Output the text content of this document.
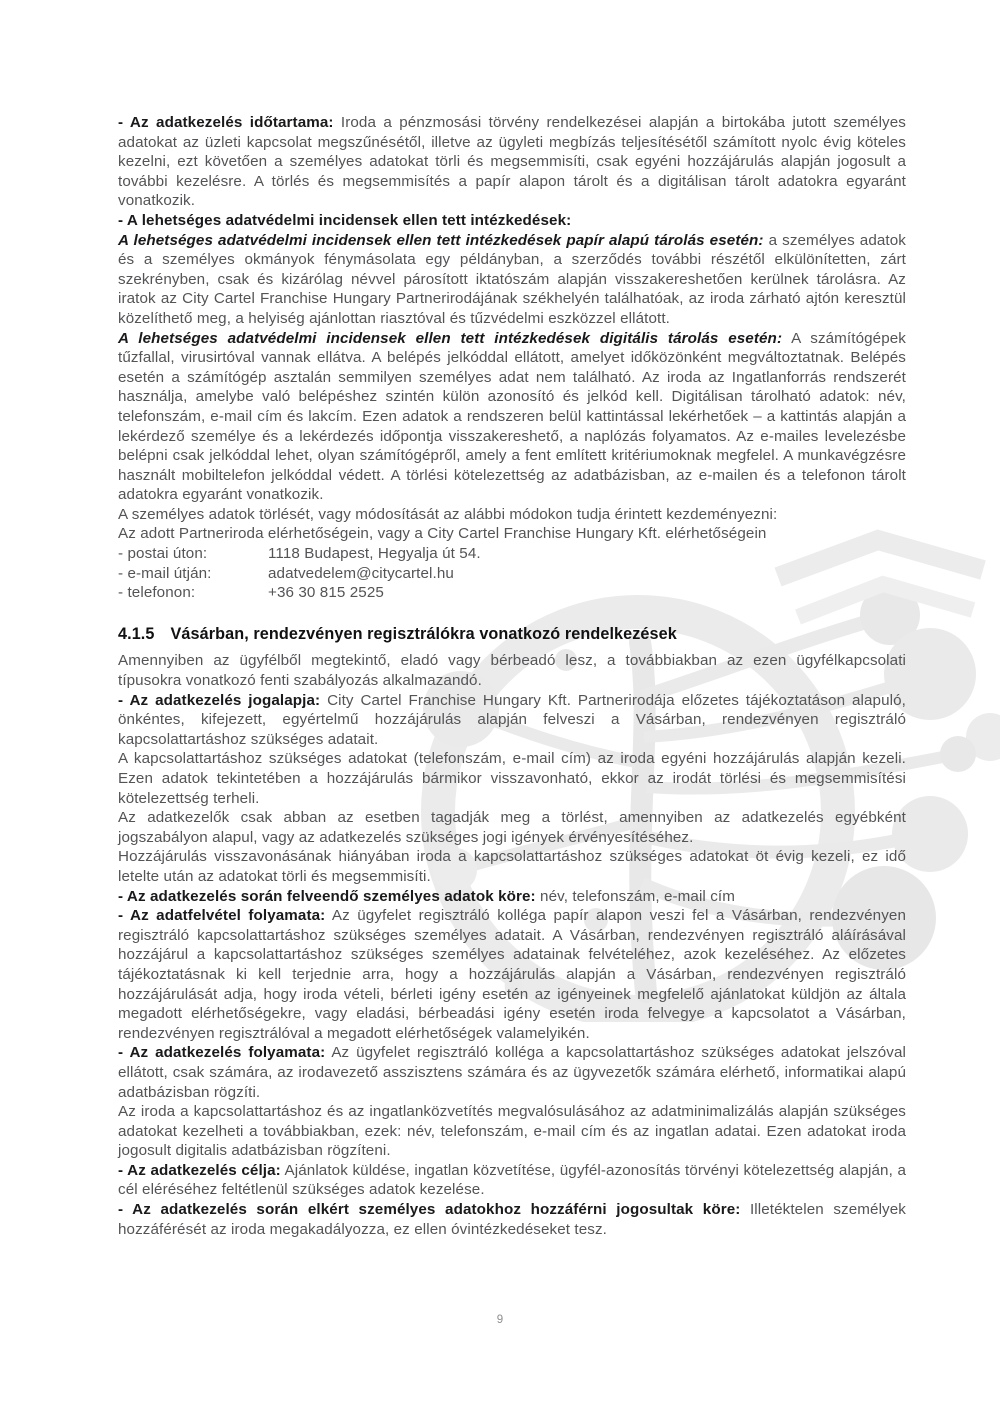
- Az adatkezelés időtartama: Iroda a pénzmosási törvény rendelkezései alapján a birtokába jutott személyes adatokat az üzleti kapcsolat megszűnésétől, illetve az ügyleti megbízás teljesítésétől számított nyolc évig köteles kezelni, ezt követően a személyes adatokat törli és megsemmisíti, csak egyéni hozzájárulás alapján jogosult a további kezelésre. A törlés és megsemmisítés a papír alapon tárolt és a digitálisan tárolt adatokra egyaránt vonatkozik.

- A lehetséges adatvédelmi incidensek ellen tett intézkedések:

A lehetséges adatvédelmi incidensek ellen tett intézkedések papír alapú tárolás esetén: a személyes adatok és a személyes okmányok fénymásolata egy példányban, a szerződés további részétől elkülönítetten, zárt szekrényben, csak és kizárólag névvel párosított iktatószám alapján visszakereshetően kerülnek tárolásra. Az iratok az City Cartel Franchise Hungary Partnerirodájának székhelyén találhatóak, az iroda zárható ajtón keresztül közelíthető meg, a helyiség ajánlottan riasztóval és tűzvédelmi eszközzel ellátott.

A lehetséges adatvédelmi incidensek ellen tett intézkedések digitális tárolás esetén: A számítógépek tűzfallal, virusirtóval vannak ellátva. A belépés jelkóddal ellátott, amelyet időközönként megváltoztatnak. Belépés esetén a számítógép asztalán semmilyen személyes adat nem található. Az iroda az Ingatlanforrás rendszerét használja, amelybe való belépéshez szintén külön azonosító és jelkód kell. Digitálisan tárolható adatok: név, telefonszám, e-mail cím és lakcím. Ezen adatok a rendszeren belül kattintással lekérhetőek – a kattintás alapján a lekérdező személye és a lekérdezés időpontja visszakereshető, a naplózás folyamatos. Az e-mailes levelezésbe belépni csak jelkóddal lehet, olyan számítógépről, amely a fent említett kritériumoknak megfelel. A munkavégzésre használt mobiltelefon jelkóddal védett. A törlési kötelezettség az adatbázisban, az e-mailen és a telefonon tárolt adatokra egyaránt vonatkozik.

A személyes adatok törlését, vagy módosítását az alábbi módokon tudja érintett kezdeményezni:

Az adott Partneriroda elérhetőségein, vagy a City Cartel Franchise Hungary Kft. elérhetőségein

- postai úton:	1118 Budapest, Hegyalja út 54.
- e-mail útján:	adatvedelem@citycartel.hu
- telefonon:	+36 30 815 2525
4.1.5 Vásárban, rendezvényen regisztrálókra vonatkozó rendelkezések

Amennyiben az ügyfélből megtekintő, eladó vagy bérbeadó lesz, a továbbiakban az ezen ügyfélkapcsolati típusokra vonatkozó fenti szabályozás alkalmazandó.

- Az adatkezelés jogalapja: City Cartel Franchise Hungary Kft. Partnerirodája előzetes tájékoztatáson alapuló, önkéntes, kifejezett, egyértelmű hozzájárulás alapján felveszi a Vásárban, rendezvényen regisztráló kapcsolattartáshoz szükséges adatait.

A kapcsolattartáshoz szükséges adatokat (telefonszám, e-mail cím) az iroda egyéni hozzájárulás alapján kezeli. Ezen adatok tekintetében a hozzájárulás bármikor visszavonható, ekkor az irodát törlési és megsemmisítési kötelezettség terheli.

Az adatkezelők csak abban az esetben tagadják meg a törlést, amennyiben az adatkezelés egyébként jogszabályon alapul, vagy az adatkezelés szükséges jogi igények érvényesítéséhez.

Hozzájárulás visszavonásának hiányában iroda a kapcsolattartáshoz szükséges adatokat öt évig kezeli, ez idő letelte után az adatokat törli és megsemmisíti.

- Az adatkezelés során felveendő személyes adatok köre: név, telefonszám, e-mail cím

- Az adatfelvétel folyamata: Az ügyfelet regisztráló kolléga papír alapon veszi fel a Vásárban, rendezvényen regisztráló kapcsolattartáshoz szükséges személyes adatait. A Vásárban, rendezvényen regisztráló aláírásával hozzájárul a kapcsolattartáshoz szükséges személyes adatainak felvételéhez, azok kezeléséhez. Az előzetes tájékoztatásnak ki kell terjednie arra, hogy a hozzájárulás alapján a Vásárban, rendezvényen regisztráló hozzájárulását adja, hogy iroda vételi, bérleti igény esetén az igényeinek megfelelő ajánlatokat küldjön az általa megadott elérhetőségekre, vagy eladási, bérbeadási igény esetén iroda felvegye a kapcsolatot a Vásárban, rendezvényen regisztrálóval a megadott elérhetőségek valamelyikén.

- Az adatkezelés folyamata: Az ügyfelet regisztráló kolléga a kapcsolattartáshoz szükséges adatokat jelszóval ellátott, csak számára, az irodavezető asszisztens számára és az ügyvezetők számára elérhető, informatikai alapú adatbázisban rögzíti.

Az iroda a kapcsolattartáshoz és az ingatlanközvetítés megvalósulásához az adatminimalizálás alapján szükséges adatokat kezelheti a továbbiakban, ezek: név, telefonszám, e-mail cím és az ingatlan adatai. Ezen adatokat iroda jogosult digitalis adatbázisban rögzíteni.

- Az adatkezelés célja: Ajánlatok küldése, ingatlan közvetítése, ügyfél-azonosítás törvényi kötelezettség alapján, a cél eléréséhez feltétlenül szükséges adatok kezelése.

- Az adatkezelés során elkért személyes adatokhoz hozzáférni jogosultak köre: Illetéktelen személyek hozzáférését az iroda megakadályozza, ez ellen óvintézkedéseket tesz.

9
